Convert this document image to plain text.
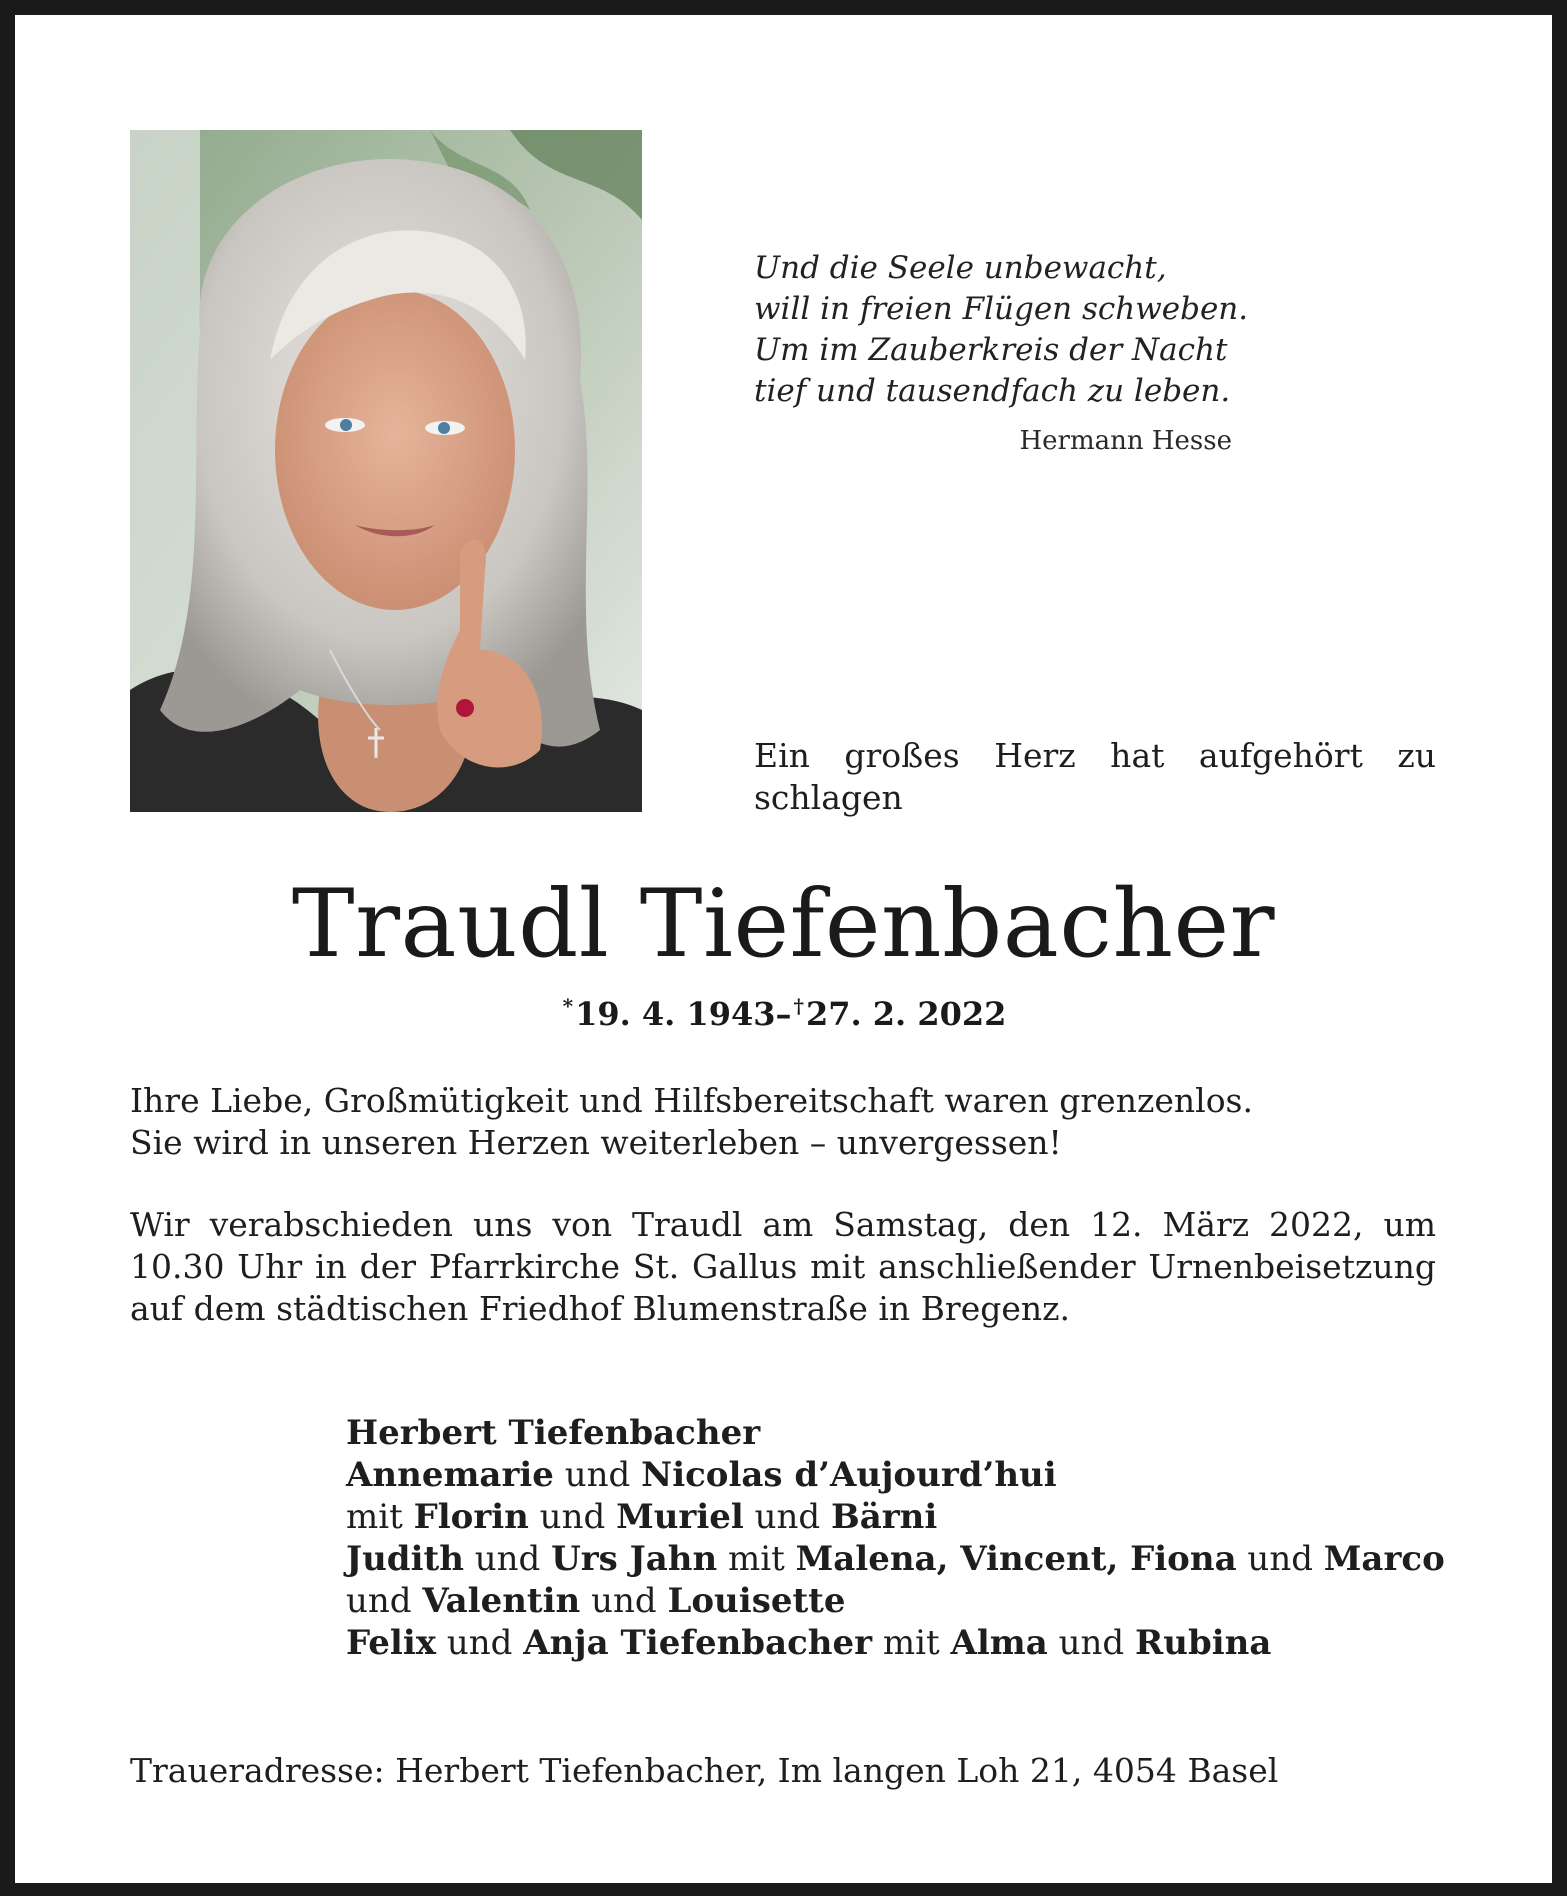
Und die Seele unbewacht,
will in freien Flügen schweben.
Um im Zauberkreis der Nacht
tief und tausendfach zu leben.
Hermann Hesse
Ein großes Herz hat aufgehört zu schlagen
Traudl Tiefenbacher
*19. 4. 1943– †27. 2. 2022
Ihre Liebe, Großmütigkeit und Hilfsbereitschaft waren grenzenlos.
Sie wird in unseren Herzen weiterleben – unvergessen!
Wir verabschieden uns von Traudl am Samstag, den 12. März 2022, um
10.30 Uhr in der Pfarrkirche St. Gallus mit anschließender Urnenbeisetzung
auf dem städtischen Friedhof Blumenstraße in Bregenz.
Herbert Tiefenbacher
Annemarie und Nicolas d’Aujourd’hui
mit Florin und Muriel und Bärni
Judith und Urs Jahn mit Malena, Vincent, Fiona und Marco
und Valentin und Louisette
Felix und Anja Tiefenbacher mit Alma und Rubina
Traueradresse: Herbert Tiefenbacher, Im langen Loh 21, 4054 Basel
